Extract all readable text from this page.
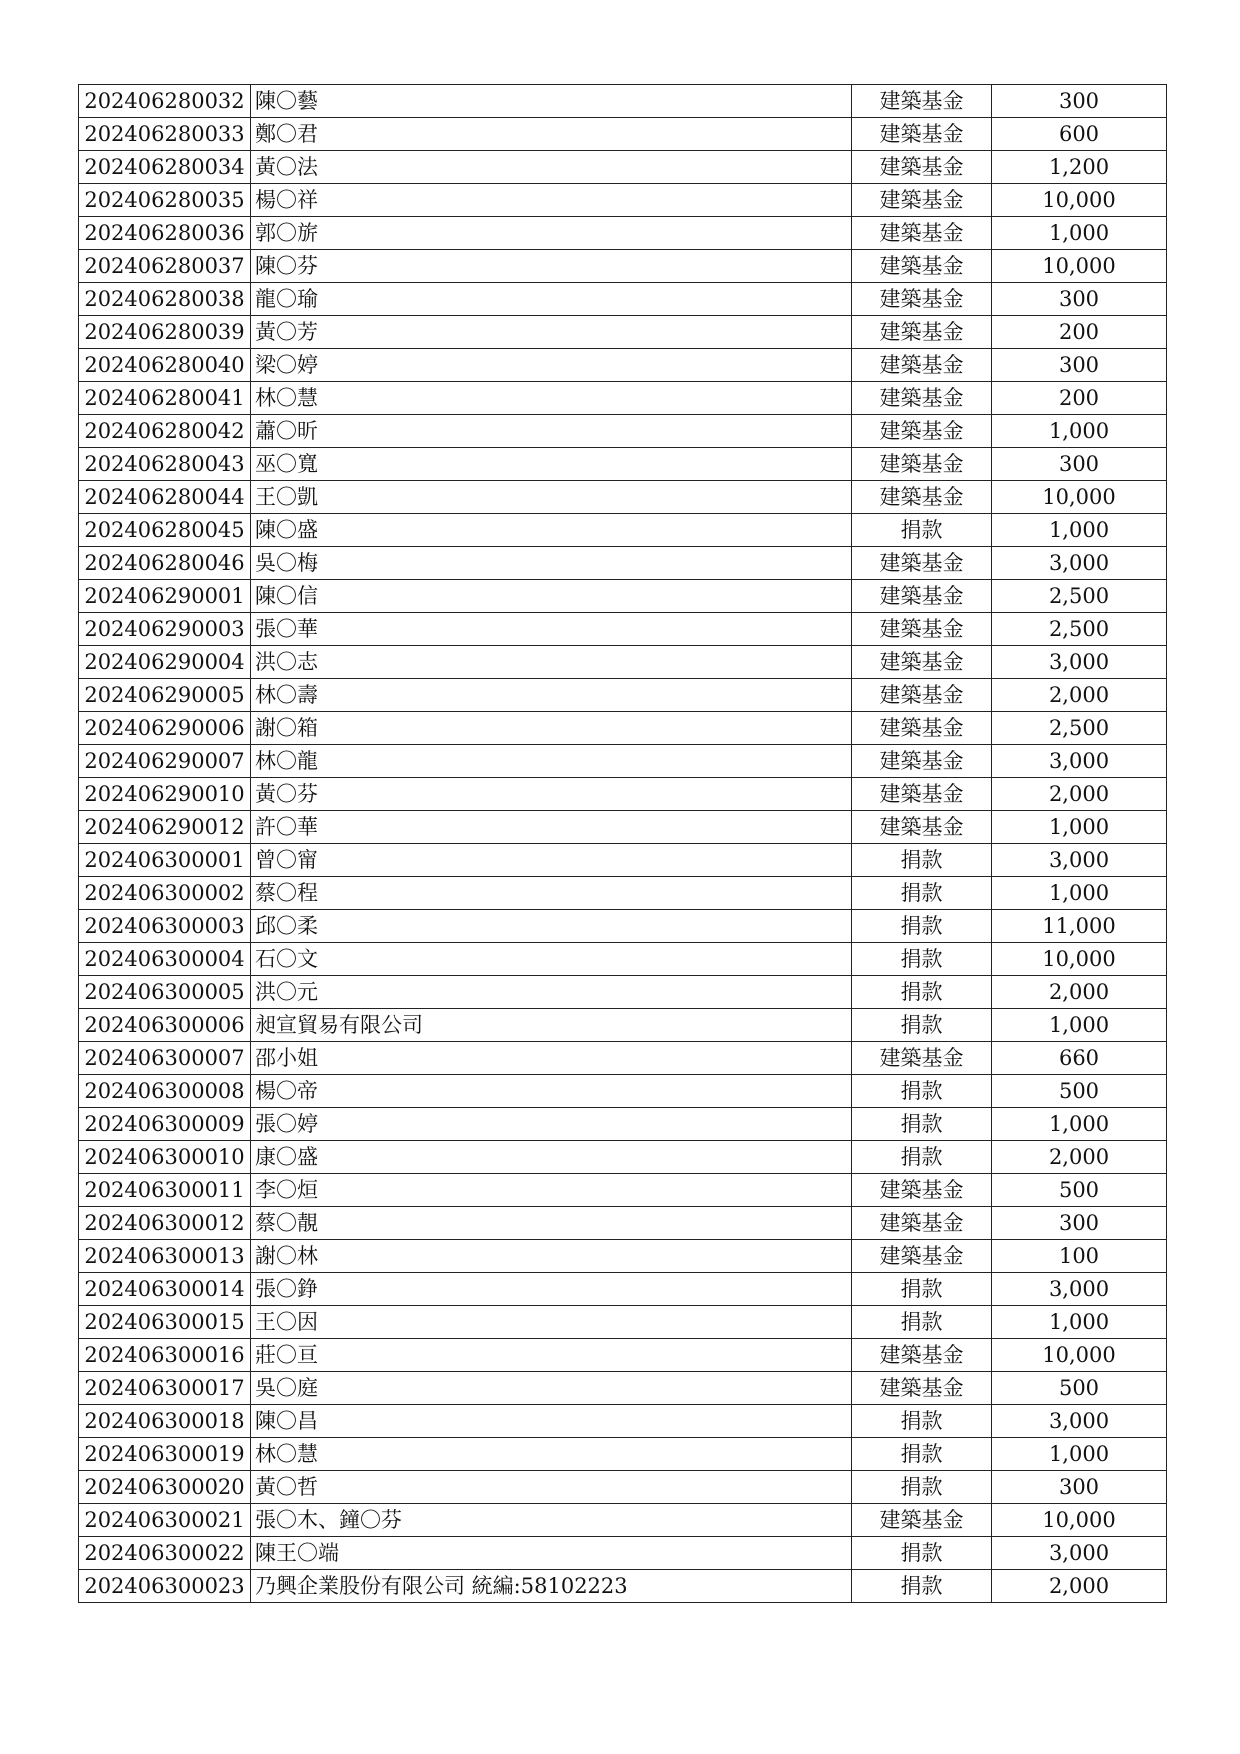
202406280032	陳〇藝	建築基金	300
202406280033	鄭〇君	建築基金	600
202406280034	黃〇法	建築基金	1,200
202406280035	楊〇祥	建築基金	10,000
202406280036	郭〇旂	建築基金	1,000
202406280037	陳〇芬	建築基金	10,000
202406280038	龍〇瑜	建築基金	300
202406280039	黃〇芳	建築基金	200
202406280040	梁〇婷	建築基金	300
202406280041	林〇慧	建築基金	200
202406280042	蕭〇昕	建築基金	1,000
202406280043	巫〇寬	建築基金	300
202406280044	王〇凱	建築基金	10,000
202406280045	陳〇盛	捐款	1,000
202406280046	吳〇梅	建築基金	3,000
202406290001	陳〇信	建築基金	2,500
202406290003	張〇華	建築基金	2,500
202406290004	洪〇志	建築基金	3,000
202406290005	林〇壽	建築基金	2,000
202406290006	謝〇箱	建築基金	2,500
202406290007	林〇龍	建築基金	3,000
202406290010	黃〇芬	建築基金	2,000
202406290012	許〇華	建築基金	1,000
202406300001	曾〇甯	捐款	3,000
202406300002	蔡〇程	捐款	1,000
202406300003	邱〇柔	捐款	11,000
202406300004	石〇文	捐款	10,000
202406300005	洪〇元	捐款	2,000
202406300006	昶宣貿易有限公司	捐款	1,000
202406300007	邵小姐	建築基金	660
202406300008	楊〇帝	捐款	500
202406300009	張〇婷	捐款	1,000
202406300010	康〇盛	捐款	2,000
202406300011	李〇烜	建築基金	500
202406300012	蔡〇靚	建築基金	300
202406300013	謝〇林	建築基金	100
202406300014	張〇錚	捐款	3,000
202406300015	王〇因	捐款	1,000
202406300016	莊〇亘	建築基金	10,000
202406300017	吳〇庭	建築基金	500
202406300018	陳〇昌	捐款	3,000
202406300019	林〇慧	捐款	1,000
202406300020	黃〇哲	捐款	300
202406300021	張〇木、鐘〇芬	建築基金	10,000
202406300022	陳王〇端	捐款	3,000
202406300023	乃興企業股份有限公司 統編:58102223	捐款	2,000
